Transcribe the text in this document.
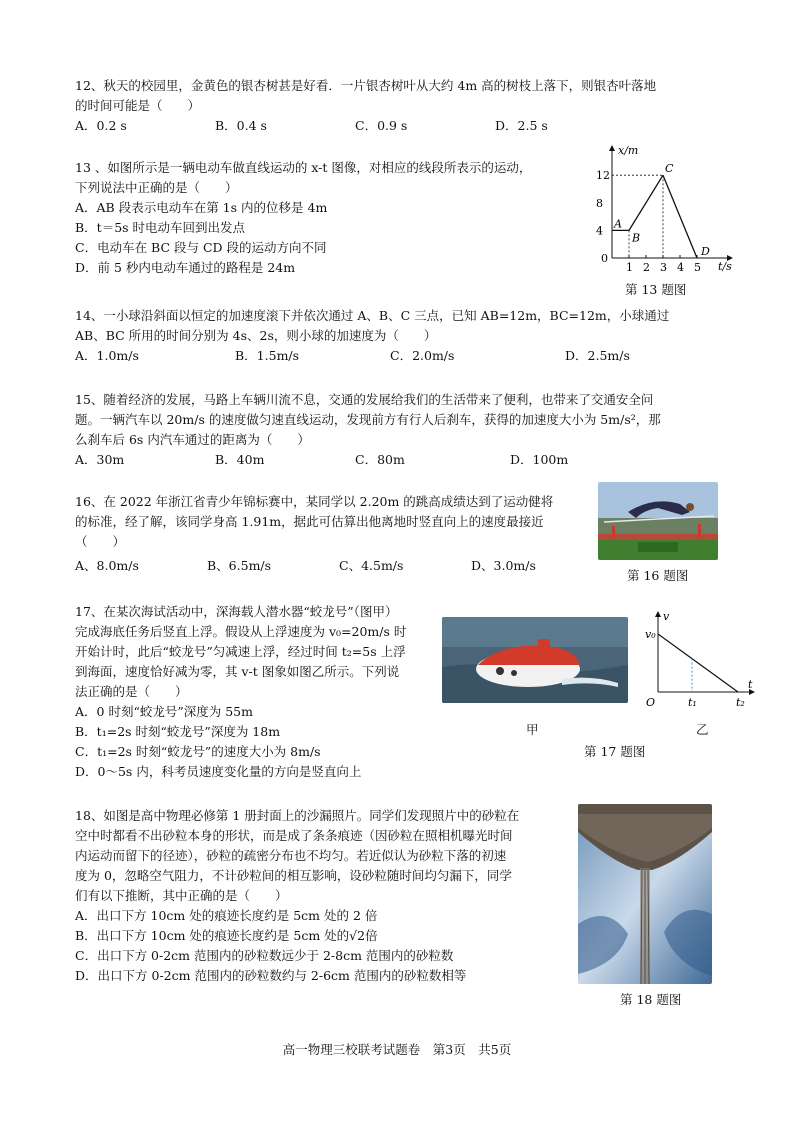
12、秋天的校园里，金黄色的银杏树甚是好看．一片银杏树叶从大约 4m 高的树枝上落下，则银杏叶落地

的时间可能是（　　）

A．0.2 s	B．0.4 s	C．0.9 s	D．2.5 s

13 、如图所示是一辆电动车做直线运动的 x-t 图像，对相应的线段所表示的运动，

下列说法中正确的是（　　）

A．AB 段表示电动车在第 1s 内的位移是 4m

B．t＝5s 时电动车回到出发点

C．电动车在 BC 段与 CD 段的运动方向不同

D．前 5 秒内电动车通过的路程是 24m

x/m
t/s
0
4
8
12
1 2 3 4 5
A
B
C
D
第 13 题图

14、一小球沿斜面以恒定的加速度滚下并依次通过 A、B、C 三点，已知 AB=12m，BC=12m，小球通过

AB、BC 所用的时间分别为 4s、2s，则小球的加速度为（　　）

A．1.0m/s	B．1.5m/s	C．2.0m/s	D．2.5m/s

15、随着经济的发展，马路上车辆川流不息，交通的发展给我们的生活带来了便利，也带来了交通安全问

题。一辆汽车以 20m/s 的速度做匀速直线运动，发现前方有行人后刹车，获得的加速度大小为 5m/s²，那

么刹车后 6s 内汽车通过的距离为（　　）

A．30m	B．40m	C．80m	D．100m

16、在 2022 年浙江省青少年锦标赛中，某同学以 2.20m 的跳高成绩达到了运动健将

的标准，经了解，该同学身高 1.91m，据此可估算出他离地时竖直向上的速度最接近

（　　）

A、8.0m/s	B、6.5m/s	C、4.5m/s	D、3.0m/s
第 16 题图

17、在某次海试活动中，深海载人潜水器“蛟龙号”（图甲）

完成海底任务后竖直上浮。假设从上浮速度为 v₀=20m/s 时

开始计时，此后“蛟龙号”匀减速上浮，经过时间 t₂=5s 上浮

到海面，速度恰好减为零，其 v-t 图象如图乙所示。下列说

法正确的是（　　）

A．0 时刻“蛟龙号”深度为 55m

B．t₁=2s 时刻“蛟龙号”深度为 18m

C．t₁=2s 时刻“蛟龙号”的速度大小为 8m/s

D．0～5s 内，科考员速度变化量的方向是竖直向上

v
t
O
v₀
t₁	t₂
甲	乙
第 17 题图

18、如图是高中物理必修第 1 册封面上的沙漏照片。同学们发现照片中的砂粒在

空中时都看不出砂粒本身的形状，而是成了条条痕迹（因砂粒在照相机曝光时间

内运动而留下的径迹），砂粒的疏密分布也不均匀。若近似认为砂粒下落的初速

度为 0，忽略空气阻力，不计砂粒间的相互影响，设砂粒随时间均匀漏下，同学

们有以下推断，其中正确的是（　　）

A．出口下方 10cm 处的痕迹长度约是 5cm 处的 2 倍

B．出口下方 10cm 处的痕迹长度约是 5cm 处的√2倍

C．出口下方 0-2cm 范围内的砂粒数远少于 2-8cm 范围内的砂粒数

D．出口下方 0-2cm 范围内的砂粒数约与 2-6cm 范围内的砂粒数相等

第 18 题图
高一物理三校联考试题卷　第3页　共5页
